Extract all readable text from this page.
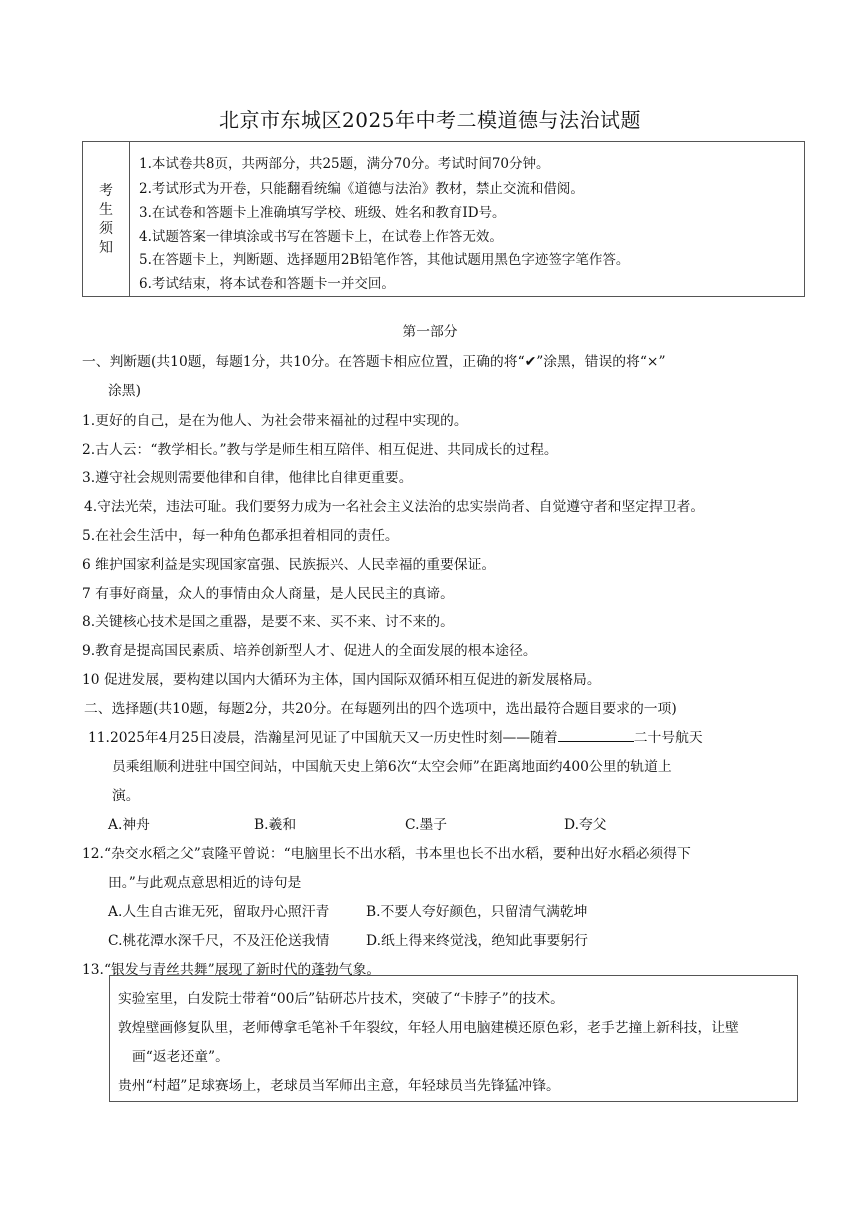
北京市东城区2025年中考二模道德与法治试题
考
生
须
知
1.本试卷共8页，共两部分，共25题，满分70分。考试时间70分钟。
2.考试形式为开卷，只能翻看统编《道德与法治》教材，禁止交流和借阅。
3.在试卷和答题卡上准确填写学校、班级、姓名和教育ID号。
4.试题答案一律填涂或书写在答题卡上，在试卷上作答无效。
5.在答题卡上，判断题、选择题用2B铅笔作答，其他试题用黑色字迹签字笔作答。
6.考试结束，将本试卷和答题卡一并交回。
第一部分
一、判断题(共10题，每题1分，共10分。在答题卡相应位置，正确的将“✔”涂黑，错误的将“×”
涂黑)
1.更好的自己，是在为他人、为社会带来福祉的过程中实现的。
2.古人云：“教学相长。”教与学是师生相互陪伴、相互促进、共同成长的过程。
3.遵守社会规则需要他律和自律，他律比自律更重要。
4.守法光荣，违法可耻。我们要努力成为一名社会主义法治的忠实崇尚者、自觉遵守者和坚定捍卫者。
5.在社会生活中，每一种角色都承担着相同的责任。
6 维护国家利益是实现国家富强、民族振兴、人民幸福的重要保证。
7 有事好商量，众人的事情由众人商量，是人民民主的真谛。
8.关键核心技术是国之重器，是要不来、买不来、讨不来的。
9.教育是提高国民素质、培养创新型人才、促进人的全面发展的根本途径。
10 促进发展，要构建以国内大循环为主体，国内国际双循环相互促进的新发展格局。
二、选择题(共10题，每题2分，共20分。在每题列出的四个选项中，选出最符合题目要求的一项)
11.2025年4月25日凌晨，浩瀚星河见证了中国航天又一历史性时刻——随着	二十号航天
员乘组顺利进驻中国空间站，中国航天史上第6次“太空会师”在距离地面约400公里的轨道上
演。
A.神舟	B.羲和	C.墨子	D.夸父
12.“杂交水稻之父”袁隆平曾说：“电脑里长不出水稻，书本里也长不出水稻，要种出好水稻必须得下
田。”与此观点意思相近的诗句是
A.人生自古谁无死，留取丹心照汗青	B.不要人夸好颜色，只留清气满乾坤
C.桃花潭水深千尺，不及汪伦送我情	D.纸上得来终觉浅，绝知此事要躬行
13.“银发与青丝共舞”展现了新时代的蓬勃气象。
实验室里，白发院士带着“00后”钻研芯片技术，突破了“卡脖子”的技术。
敦煌壁画修复队里，老师傅拿毛笔补千年裂纹，年轻人用电脑建模还原色彩，老手艺撞上新科技，让壁
画“返老还童”。
贵州“村超”足球赛场上，老球员当军师出主意，年轻球员当先锋猛冲锋。
